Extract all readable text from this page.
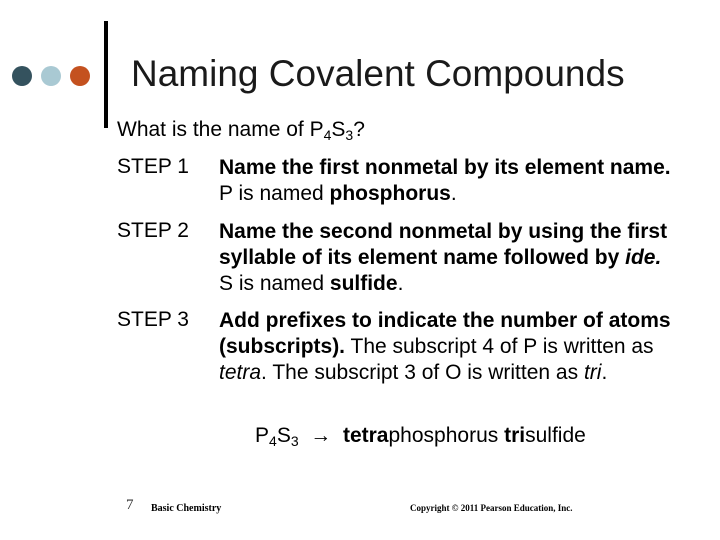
Naming Covalent Compounds
What is the name of $P_4S_3$?
STEP 1 Name the first nonmetal by its element name. P is named phosphorus.
STEP 2 Name the second nonmetal by using the first syllable of its element name followed by ide. S is named sulfide.
STEP 3 Add prefixes to indicate the number of atoms (subscripts). The subscript 4 of P is written as tetra. The subscript 3 of O is written as tri.
$P_4S_3$ → tetraphosphorus trisulfide
7 Basic Chemistry	Copyright © 2011 Pearson Education, Inc.
